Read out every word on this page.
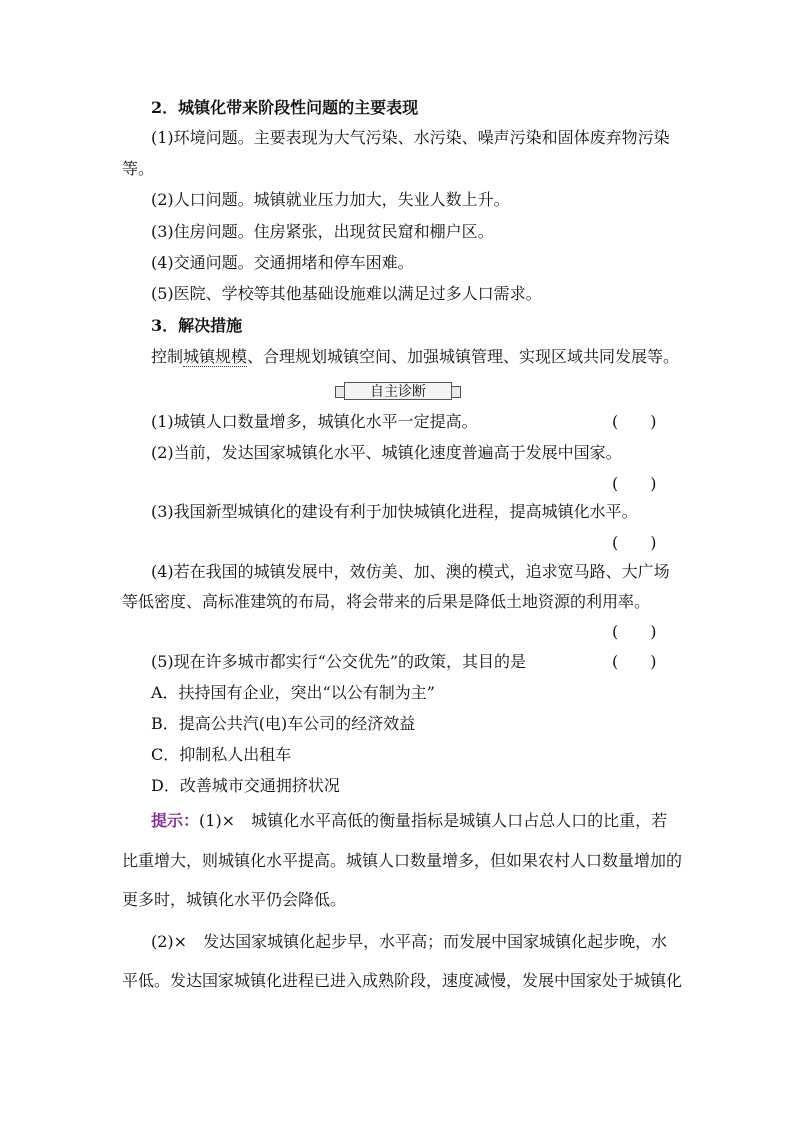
2．城镇化带来阶段性问题的主要表现
(1)环境问题。主要表现为大气污染、水污染、噪声污染和固体废弃物污染
等。
(2)人口问题。城镇就业压力加大，失业人数上升。
(3)住房问题。住房紧张，出现贫民窟和棚户区。
(4)交通问题。交通拥堵和停车困难。
(5)医院、学校等其他基础设施难以满足过多人口需求。
3．解决措施
控制城镇规模、合理规划城镇空间、加强城镇管理、实现区域共同发展等。
自主诊断
(1)城镇人口数量增多，城镇化水平一定提高。	(　　)
(2)当前，发达国家城镇化水平、城镇化速度普遍高于发展中国家。
(　　)
(3)我国新型城镇化的建设有利于加快城镇化进程，提高城镇化水平。
(　　)
(4)若在我国的城镇发展中，效仿美、加、澳的模式，追求宽马路、大广场
等低密度、高标准建筑的布局，将会带来的后果是降低土地资源的利用率。
(　　)
(5)现在许多城市都实行“公交优先”的政策，其目的是	(　　)
A．扶持国有企业，突出“以公有制为主”
B．提高公共汽(电)车公司的经济效益
C．抑制私人出租车
D．改善城市交通拥挤状况
提示：(1)×　城镇化水平高低的衡量指标是城镇人口占总人口的比重，若
比重增大，则城镇化水平提高。城镇人口数量增多，但如果农村人口数量增加的
更多时，城镇化水平仍会降低。
(2)×　发达国家城镇化起步早，水平高；而发展中国家城镇化起步晚，水
平低。发达国家城镇化进程已进入成熟阶段，速度减慢，发展中国家处于城镇化
